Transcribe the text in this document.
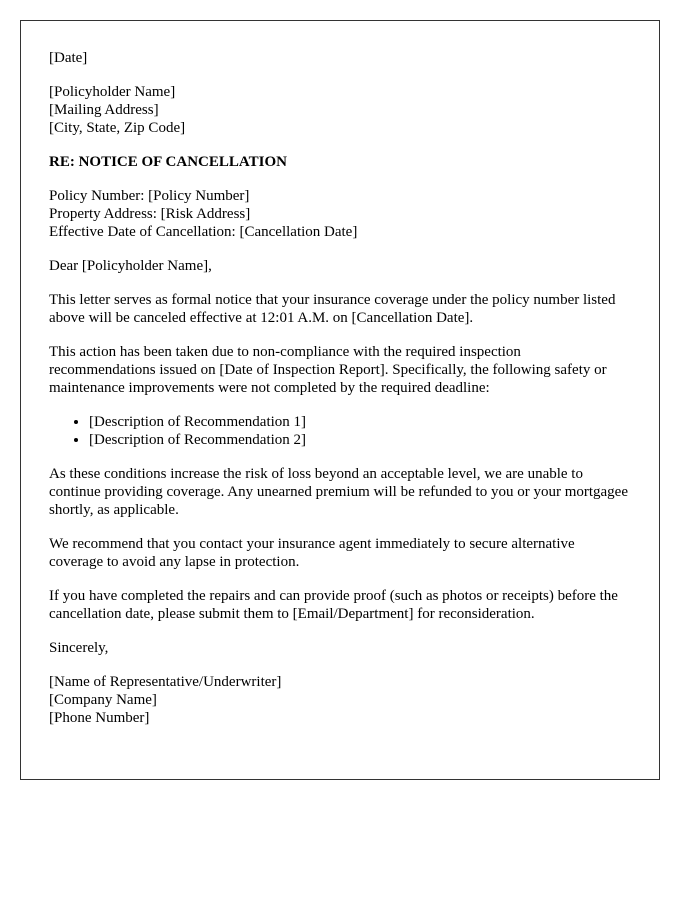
[Date]
[Policyholder Name]
[Mailing Address]
[City, State, Zip Code]
RE: NOTICE OF CANCELLATION
Policy Number: [Policy Number]
Property Address: [Risk Address]
Effective Date of Cancellation: [Cancellation Date]

Dear [Policyholder Name],

This letter serves as formal notice that your insurance coverage under the policy number listed above will be canceled effective at 12:01 A.M. on [Cancellation Date].

This action has been taken due to non-compliance with the required inspection recommendations issued on [Date of Inspection Report]. Specifically, the following safety or maintenance improvements were not completed by the required deadline:

• [Description of Recommendation 1]
• [Description of Recommendation 2]

As these conditions increase the risk of loss beyond an acceptable level, we are unable to continue providing coverage. Any unearned premium will be refunded to you or your mortgagee shortly, as applicable.

We recommend that you contact your insurance agent immediately to secure alternative coverage to avoid any lapse in protection.

If you have completed the repairs and can provide proof (such as photos or receipts) before the cancellation date, please submit them to [Email/Department] for reconsideration.

Sincerely,

[Name of Representative/Underwriter]
[Company Name]
[Phone Number]
